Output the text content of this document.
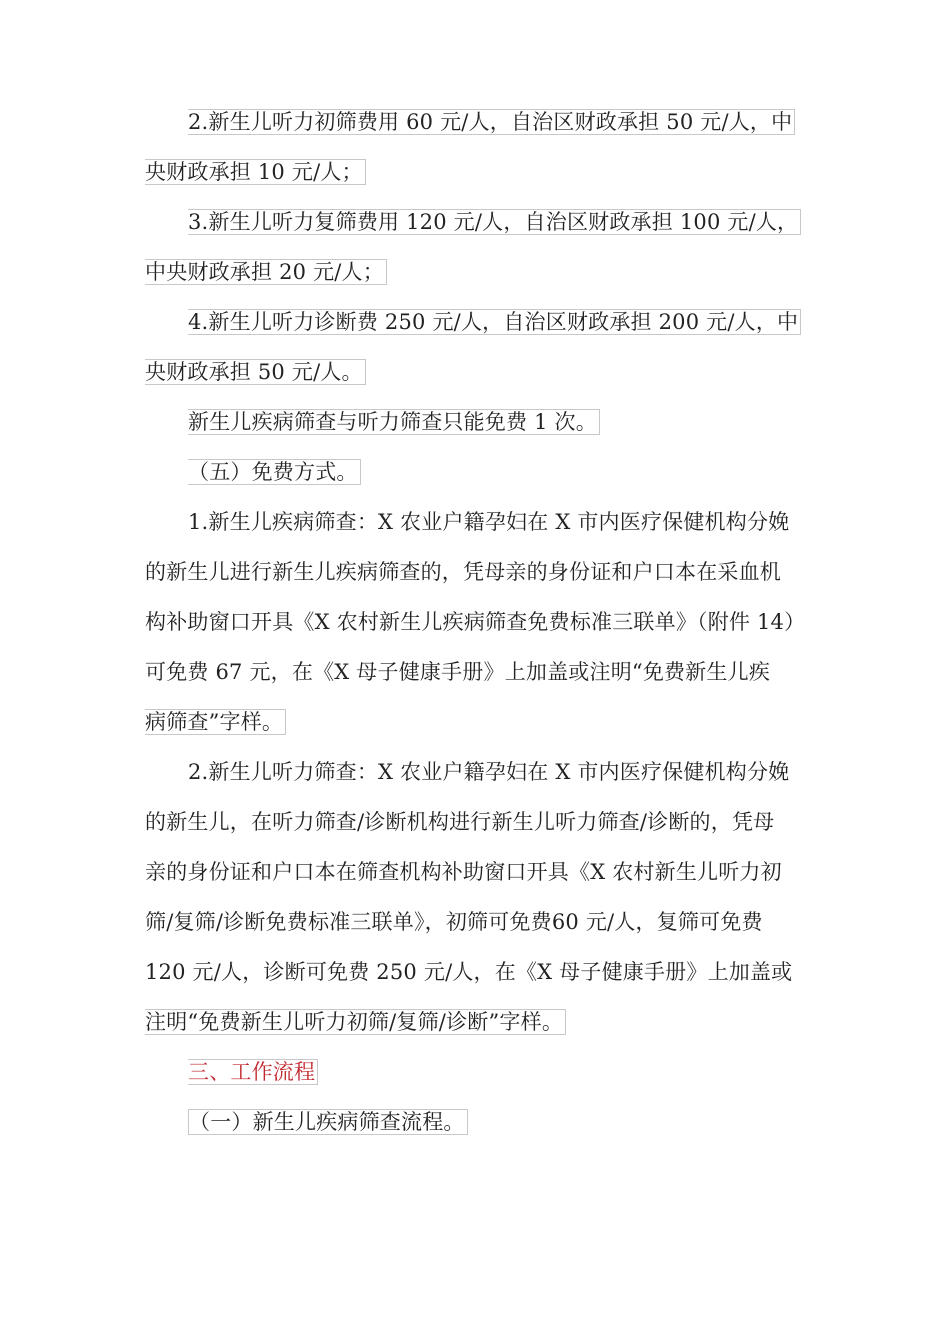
2.新生儿听力初筛费用 60 元/人，自治区财政承担 50 元/人，中
央财政承担 10 元/人；
3.新生儿听力复筛费用 120 元/人，自治区财政承担 100 元/人，
中央财政承担 20 元/人；
4.新生儿听力诊断费 250 元/人，自治区财政承担 200 元/人，中
央财政承担 50 元/人。
新生儿疾病筛查与听力筛查只能免费 1 次。
（五）免费方式。
1.新生儿疾病筛查：X 农业户籍孕妇在 X 市内医疗保健机构分娩
的新生儿进行新生儿疾病筛查的，凭母亲的身份证和户口本在采血机
构补助窗口开具《X 农村新生儿疾病筛查免费标准三联单》（附件 14）
可免费 67 元，在《X 母子健康手册》上加盖或注明“免费新生儿疾
病筛查”字样。
2.新生儿听力筛查：X 农业户籍孕妇在 X 市内医疗保健机构分娩
的新生儿，在听力筛查/诊断机构进行新生儿听力筛查/诊断的，凭母
亲的身份证和户口本在筛查机构补助窗口开具《X 农村新生儿听力初
筛/复筛/诊断免费标准三联单》，初筛可免费60 元/人，复筛可免费
120 元/人，诊断可免费 250 元/人，在《X 母子健康手册》上加盖或
注明“免费新生儿听力初筛/复筛/诊断”字样。
三、工作流程
（一）新生儿疾病筛查流程。
